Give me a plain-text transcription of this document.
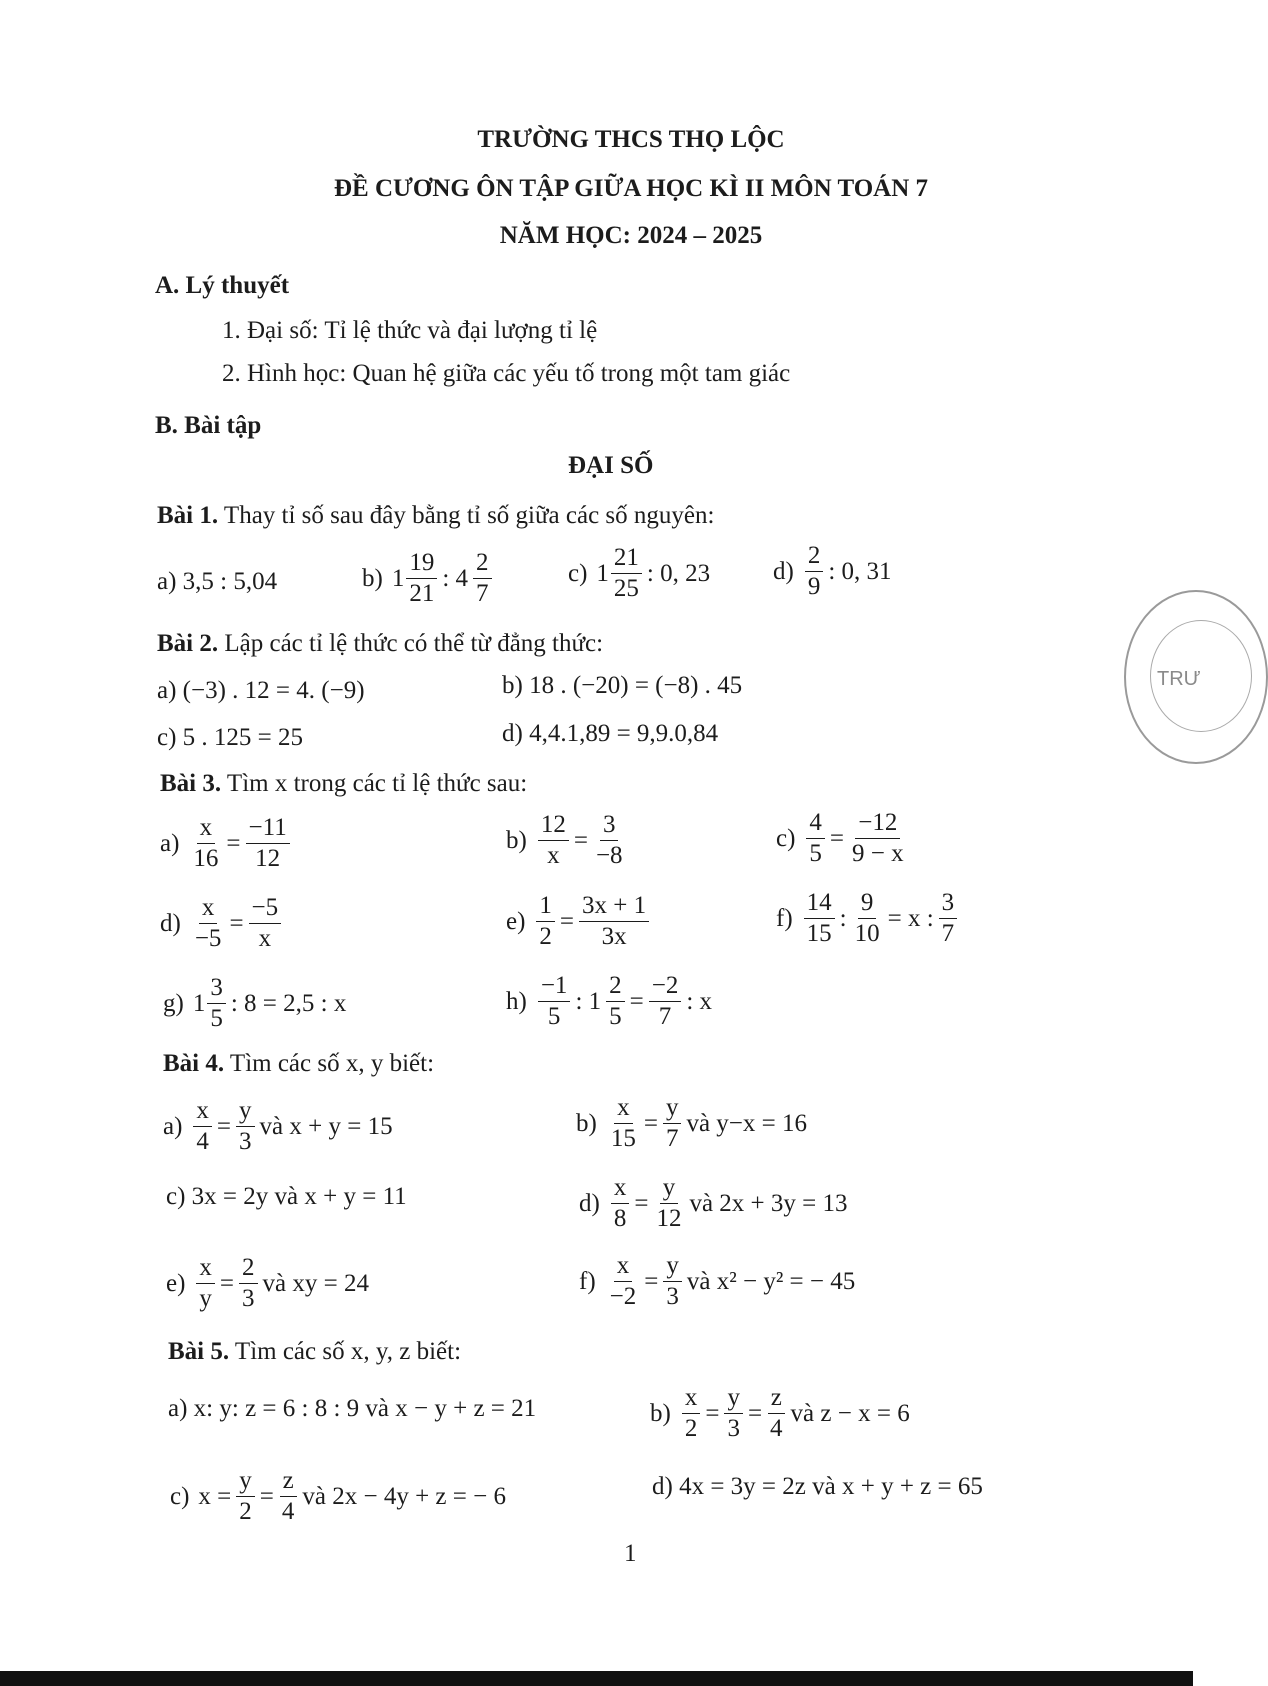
TRƯỜNG THCS THỌ LỘC
ĐỀ CƯƠNG ÔN TẬP GIỮA HỌC KÌ II MÔN TOÁN 7
NĂM HỌC: 2024 – 2025
A. Lý thuyết
1. Đại số: Tỉ lệ thức và đại lượng tỉ lệ
2. Hình học: Quan hệ giữa các yếu tố trong một tam giác
B. Bài tập
ĐẠI SỐ
Bài 1. Thay tỉ số sau đây bằng tỉ số giữa các số nguyên:
a) 3,5 : 5,04	b) $1 \frac{19}{21}$ : $4 \frac{2}{7}$	c) $1 \frac{21}{25}$ : 0, 23	$d) \frac{2}{9}$ : 0, 31
Bài 2. Lập các tỉ lệ thức có thể từ đẳng thức:
a) (−3) . 12 = 4. (−9)	b) 18 . (−20) = (−8) . 45
c) 5 . 125 = 25	d) 4,4.1,89 = 9,9.0,84
Bài 3. Tìm x trong các tỉ lệ thức sau:
$a) \frac{x}{16} = \frac{-11}{12}$	$b) \frac{12}{x} = \frac{3}{-8}$	$c) \frac{4}{5} = \frac{-12}{9 - x}$
$d) \frac{x}{-5} = \frac{-5}{x}$	$e) \frac{1}{2} = \frac{3x + 1}{3x}$	$f) \frac{14}{15}$ : $\frac{9}{10} = x$ : $\frac{3}{7}$
g) $1 \frac{3}{5}$ : 8 = 2,5 : x	$h) \frac{-1}{5}$ : $1 \frac{2}{5} = \frac{-2}{7}$ : x
Bài 4. Tìm các số x, y biết:
$a) \frac{x}{4} = \frac{y}{3}$ và x + y = 15	$b) \frac{x}{15} = \frac{y}{7}$ và y−x = 16
c) 3x = 2y và x + y = 11	$d) \frac{x}{8} = \frac{y}{12}$ và 2x + 3y = 13
$e) \frac{x}{y} = \frac{2}{3}$ và xy = 24	$f) \frac{x}{-2} = \frac{y}{3}$ và x² − y² = − 45
Bài 5. Tìm các số x, y, z biết:
a) x: y: z = 6 : 8 : 9 và x − y + z = 21	$b) \frac{x}{2} = \frac{y}{3} = \frac{z}{4}$ và z − x = 6
c) $x = \frac{y}{2} = \frac{z}{4}$ và 2x − 4y + z = − 6	d) 4x = 3y = 2z và x + y + z = 65
1
TRƯ
